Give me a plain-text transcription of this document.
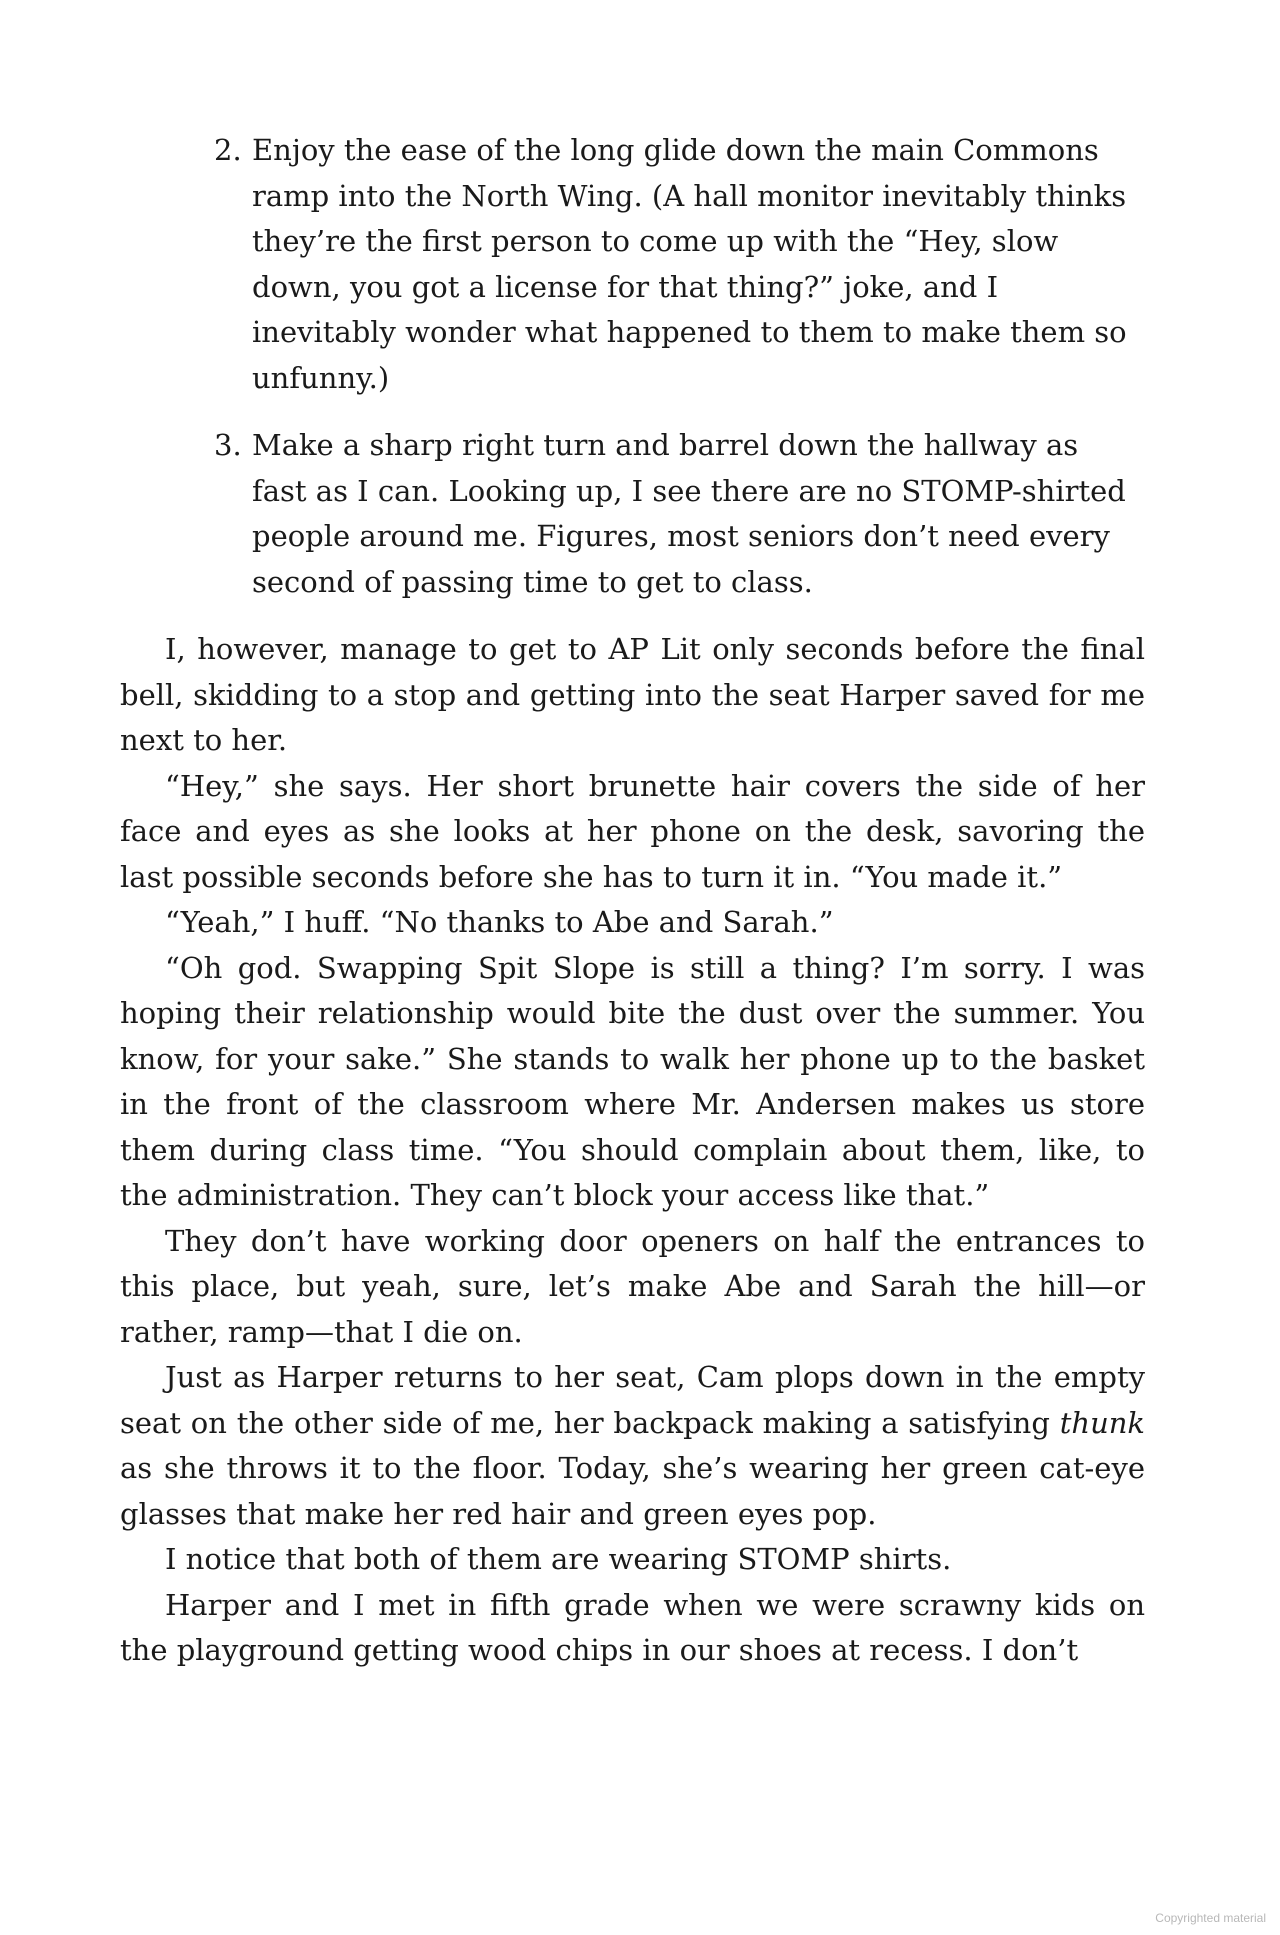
2. Enjoy the ease of the long glide down the main Commons ramp into the North Wing. (A hall monitor inevitably thinks they’re the first person to come up with the “Hey, slow down, you got a license for that thing?” joke, and I inevitably wonder what happened to them to make them so unfunny.)
3. Make a sharp right turn and barrel down the hallway as fast as I can. Looking up, I see there are no STOMP-shirted people around me. Figures, most seniors don’t need every second of passing time to get to class.

I, however, manage to get to AP Lit only seconds before the final bell, skidding to a stop and getting into the seat Harper saved for me next to her.

“Hey,” she says. Her short brunette hair covers the side of her face and eyes as she looks at her phone on the desk, savoring the last possible seconds before she has to turn it in. “You made it.”

“Yeah,” I huff. “No thanks to Abe and Sarah.”

“Oh god. Swapping Spit Slope is still a thing? I’m sorry. I was hoping their relationship would bite the dust over the summer. You know, for your sake.” She stands to walk her phone up to the basket in the front of the classroom where Mr. Andersen makes us store them during class time. “You should complain about them, like, to the administration. They can’t block your access like that.”

They don’t have working door openers on half the entrances to this place, but yeah, sure, let’s make Abe and Sarah the hill—or rather, ramp—that I die on.

Just as Harper returns to her seat, Cam plops down in the empty seat on the other side of me, her backpack making a satisfying thunk as she throws it to the floor. Today, she’s wearing her green cat-eye glasses that make her red hair and green eyes pop.

I notice that both of them are wearing STOMP shirts.

Harper and I met in fifth grade when we were scrawny kids on the playground getting wood chips in our shoes at recess. I don’t

Copyrighted material
